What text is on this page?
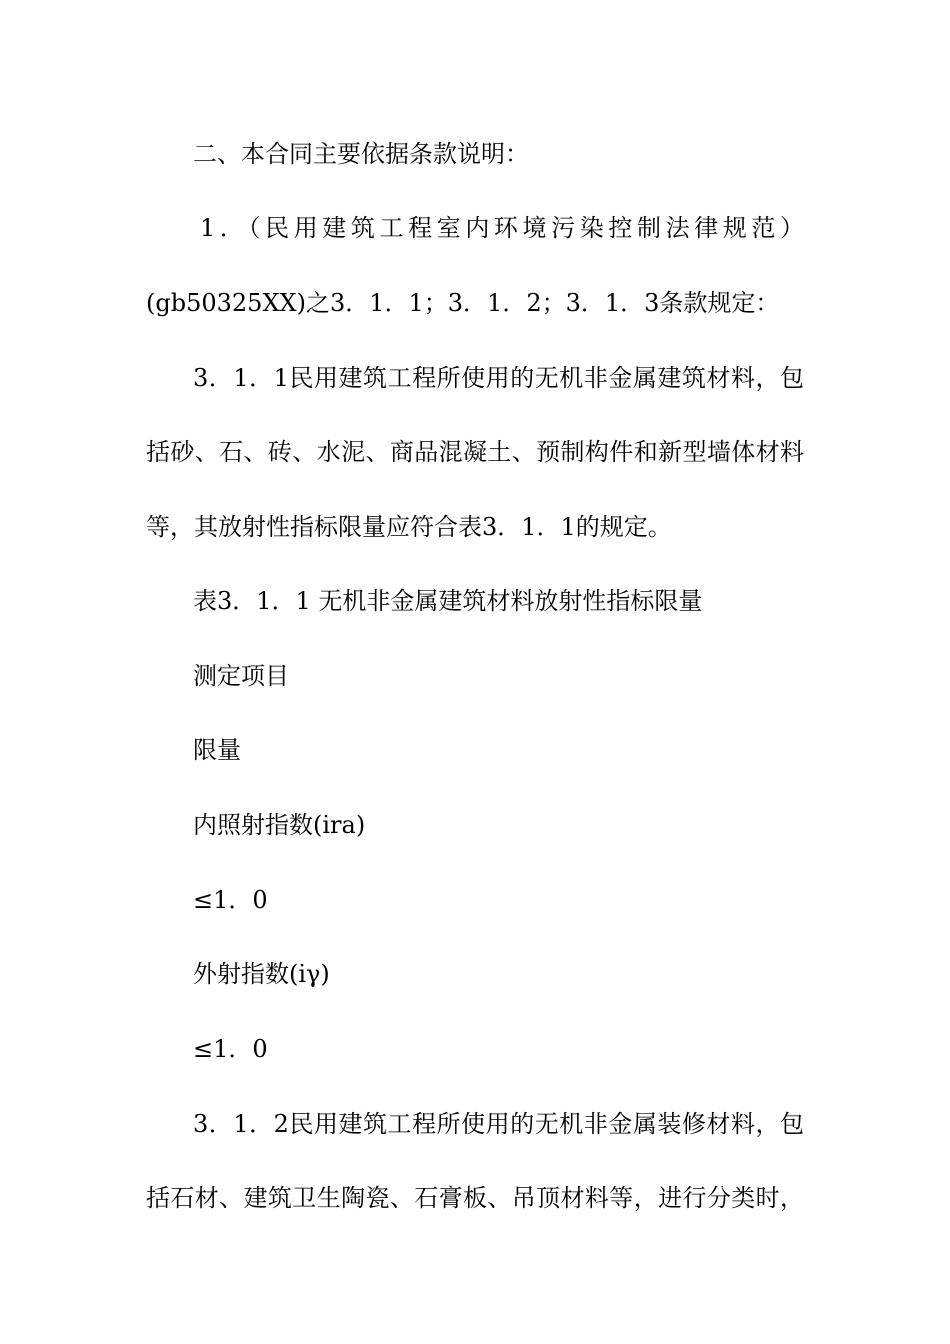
二、本合同主要依据条款说明：

1．（民用建筑工程室内环境污染控制法律规范）

(gb50325XX)之3．1．1；3．1．2；3．1．3条款规定：

3．1．1民用建筑工程所使用的无机非金属建筑材料，包

括砂、石、砖、水泥、商品混凝土、预制构件和新型墙体材料

等，其放射性指标限量应符合表3．1．1的规定。

表3．1．1 无机非金属建筑材料放射性指标限量

测定项目

限量

内照射指数(ira)

≤1．0

外射指数(iγ)

≤1．0

3．1．2民用建筑工程所使用的无机非金属装修材料，包

括石材、建筑卫生陶瓷、石膏板、吊顶材料等，进行分类时，
